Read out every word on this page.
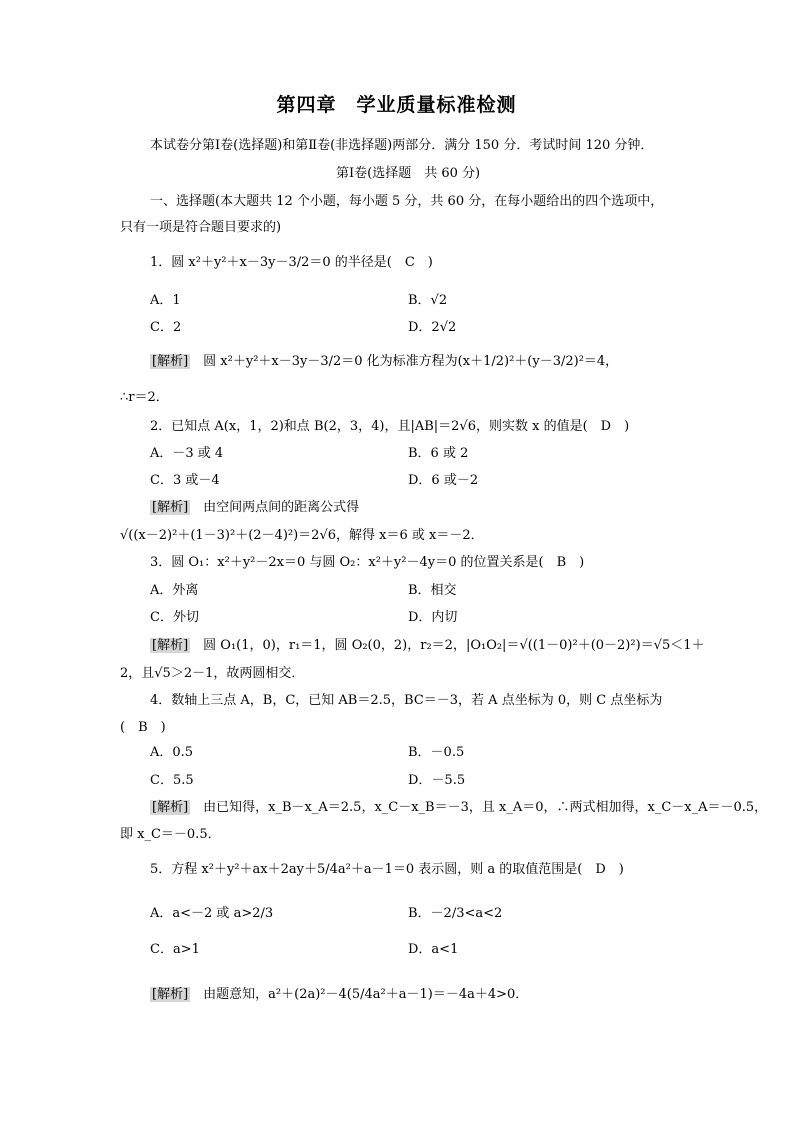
第四章　学业质量标准检测
本试卷分第Ⅰ卷(选择题)和第Ⅱ卷(非选择题)两部分．满分 150 分．考试时间 120 分钟．
第Ⅰ卷(选择题　共 60 分)
一、选择题(本大题共 12 个小题，每小题 5 分，共 60 分，在每小题给出的四个选项中，
只有一项是符合题目要求的)
1．圆 x²＋y²＋x－3y－3/2＝0 的半径是(　C　)
A．1	B．√2
C．2	D．2√2
[解析]　 圆 x²＋y²＋x－3y－3/2＝0 化为标准方程为(x＋1/2)²＋(y－3/2)²＝4，
∴r＝2．
2．已知点 A(x，1，2)和点 B(2，3，4)，且|AB|＝2√6，则实数 x 的值是(　D　)
A．－3 或 4	B．6 或 2
C．3 或－4	D．6 或－2
[解析]　 由空间两点间的距离公式得
√((x－2)²＋(1－3)²＋(2－4)²)＝2√6，解得 x＝6 或 x＝－2．
3．圆 O₁：x²＋y²－2x＝0 与圆 O₂：x²＋y²－4y＝0 的位置关系是(　B　)
A．外离	B．相交
C．外切	D．内切
[解析]　 圆 O₁(1，0)，r₁＝1，圆 O₂(0，2)，r₂＝2，|O₁O₂|＝√((1－0)²＋(0－2)²)＝√5＜1＋
2，且√5＞2－1，故两圆相交．
4．数轴上三点 A，B，C，已知 AB＝2.5，BC＝－3，若 A 点坐标为 0，则 C 点坐标为
(　B　)
A．0.5	B．－0.5
C．5.5	D．－5.5
[解析]　 由已知得，x_B－x_A＝2.5，x_C－x_B＝－3，且 x_A＝0，∴两式相加得，x_C－x_A＝－0.5，
即 x_C＝－0.5．
5．方程 x²＋y²＋ax＋2ay＋5/4a²＋a－1＝0 表示圆，则 a 的取值范围是(　D　)
A．a<－2 或 a>2/3	B．－2/3<a<2
C．a>1	D．a<1
[解析]　 由题意知，a²＋(2a)²－4(5/4a²＋a－1)＝－4a＋4>0．
